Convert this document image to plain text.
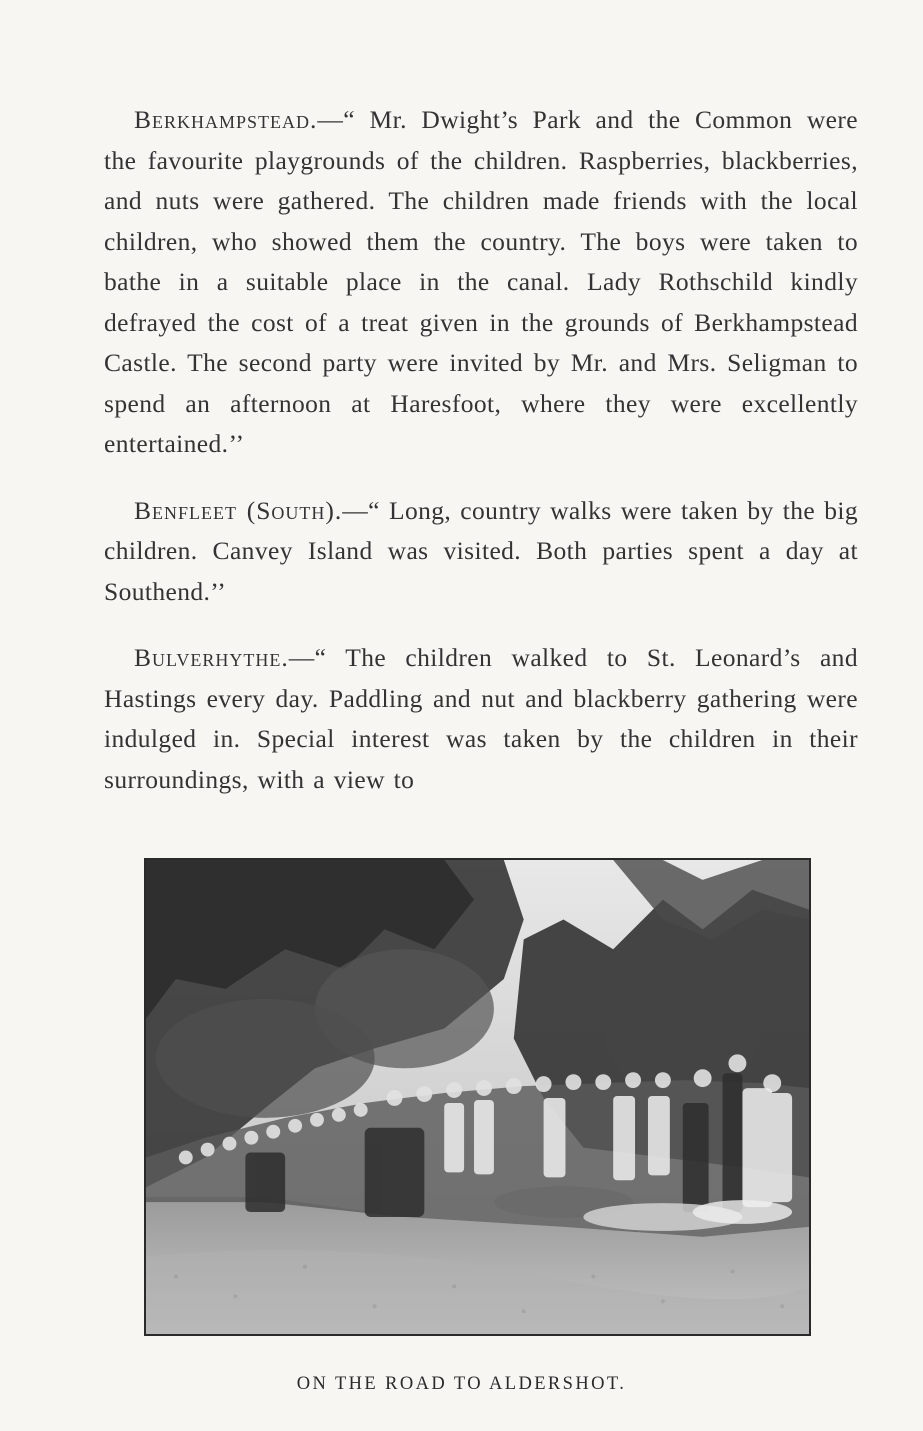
Berkhampstead.—“ Mr. Dwight’s Park and the Common were the favourite playgrounds of the children. Raspberries, blackberries, and nuts were gathered. The children made friends with the local children, who showed them the country. The boys were taken to bathe in a suitable place in the canal. Lady Rothschild kindly defrayed the cost of a treat given in the grounds of Berkhampstead Castle. The second party were invited by Mr. and Mrs. Seligman to spend an afternoon at Haresfoot, where they were excellently entertained.’’

Benfleet (South).—“ Long, country walks were taken by the big children. Canvey Island was visited. Both parties spent a day at Southend.’’

Bulverhythe.—“ The children walked to St. Leonard’s and Hastings every day. Paddling and nut and blackberry gathering were indulged in. Special interest was taken by the children in their surroundings, with a view to

ON THE ROAD TO ALDERSHOT.
